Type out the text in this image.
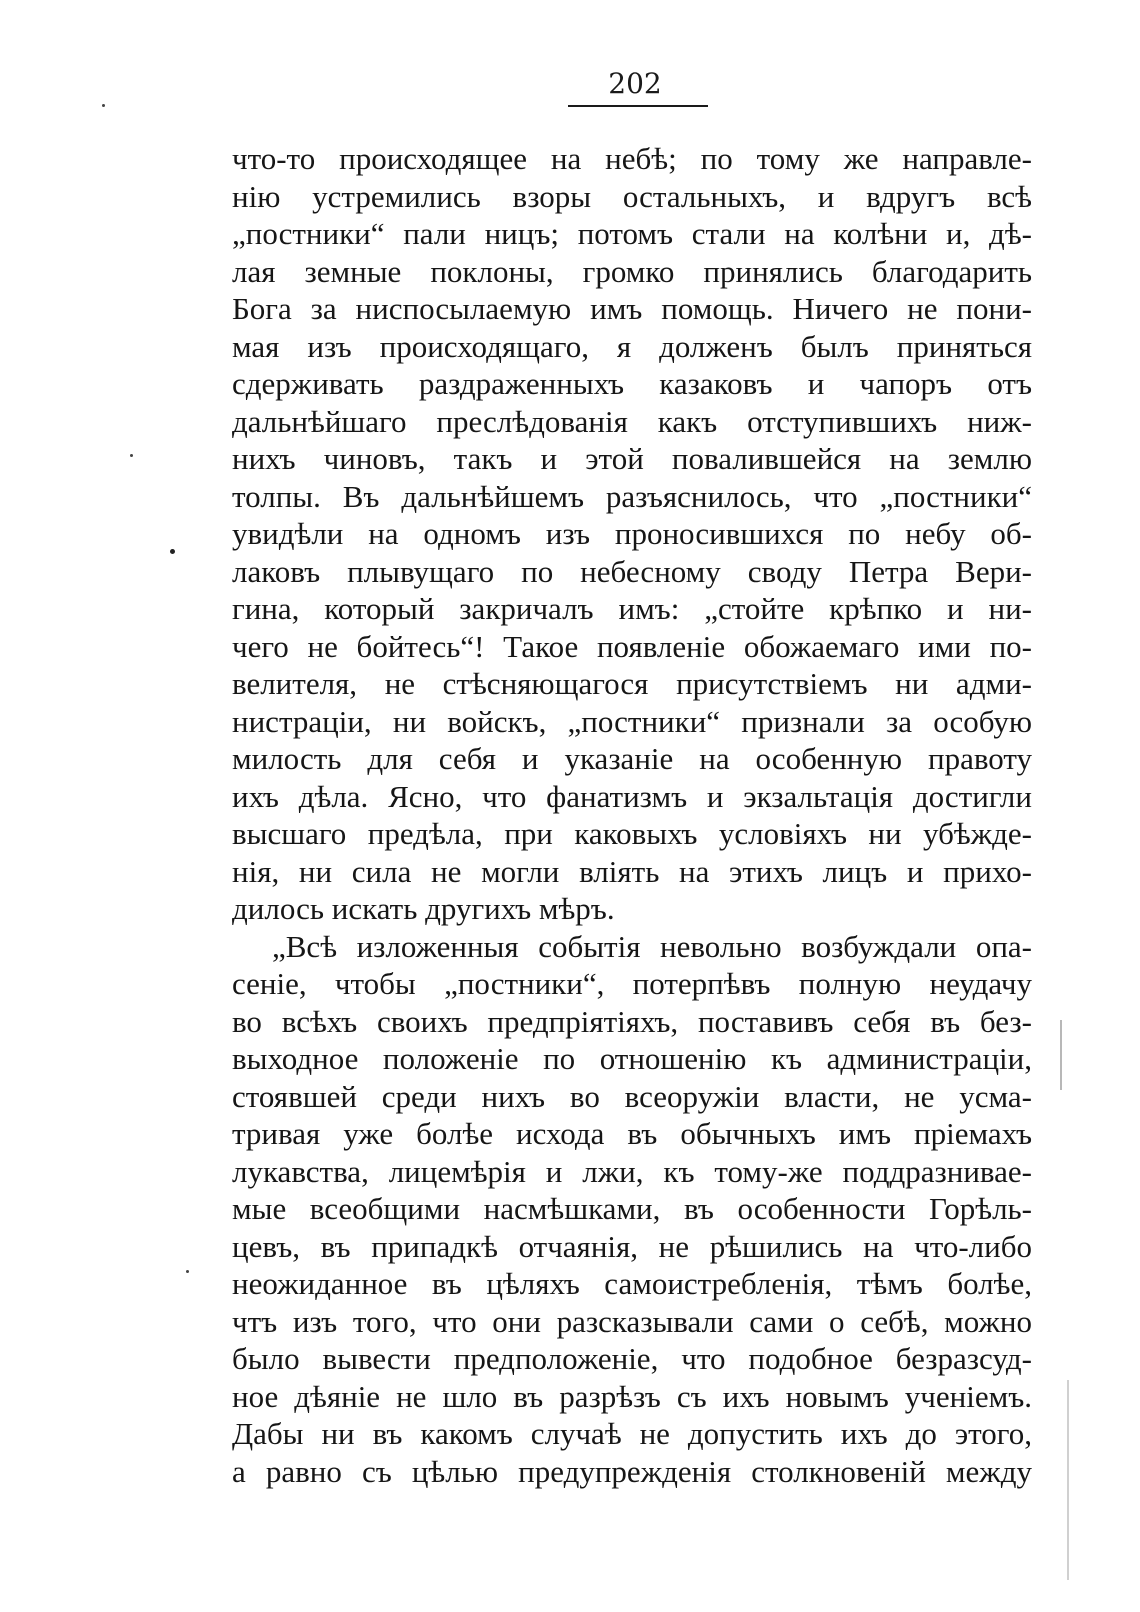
202
что-то происходящее на небѣ; по тому же направле-
нію устремились взоры остальныхъ, и вдругъ всѣ
„постники“ пали ницъ; потомъ стали на колѣни и, дѣ-
лая земные поклоны, громко принялись благодарить
Бога за ниспосылаемую имъ помощь. Ничего не пони-
мая изъ происходящаго, я долженъ былъ приняться
сдерживать раздраженныхъ казаковъ и чапоръ отъ
дальнѣйшаго преслѣдованія какъ отступившихъ ниж-
нихъ чиновъ, такъ и этой повалившейся на землю
толпы. Въ дальнѣйшемъ разъяснилось, что „постники“
увидѣли на одномъ изъ проносившихся по небу об-
лаковъ плывущаго по небесному своду Петра Вери-
гина, который закричалъ имъ: „стойте крѣпко и ни-
чего не бойтесь“! Такое появленіе обожаемаго ими по-
велителя, не стѣсняющагося присутствіемъ ни адми-
нистраціи, ни войскъ, „постники“ признали за особую
милость для себя и указаніе на особенную правоту
ихъ дѣла. Ясно, что фанатизмъ и экзальтація достигли
высшаго предѣла, при каковыхъ условіяхъ ни убѣжде-
нія, ни сила не могли вліять на этихъ лицъ и прихо-
дилось искать другихъ мѣръ.
„Всѣ изложенныя событія невольно возбуждали опа-
сеніе, чтобы „постники“, потерпѣвъ полную неудачу
во всѣхъ своихъ предпріятіяхъ, поставивъ себя въ без-
выходное положеніе по отношенію къ администраціи,
стоявшей среди нихъ во всеоружіи власти, не усма-
тривая уже болѣе исхода въ обычныхъ имъ пріемахъ
лукавства, лицемѣрія и лжи, къ тому-же поддразнивае-
мые всеобщими насмѣшками, въ особенности Горѣль-
цевъ, въ припадкѣ отчаянія, не рѣшились на что-либо
неожиданное въ цѣляхъ самоистребленія, тѣмъ болѣе,
чтъ изъ того, что они разсказывали сами о себѣ, можно
было вывести предположеніе, что подобное безразсуд-
ное дѣяніе не шло въ разрѣзъ съ ихъ новымъ ученіемъ.
Дабы ни въ какомъ случаѣ не допустить ихъ до этого,
а равно съ цѣлью предупрежденія столкновеній между
